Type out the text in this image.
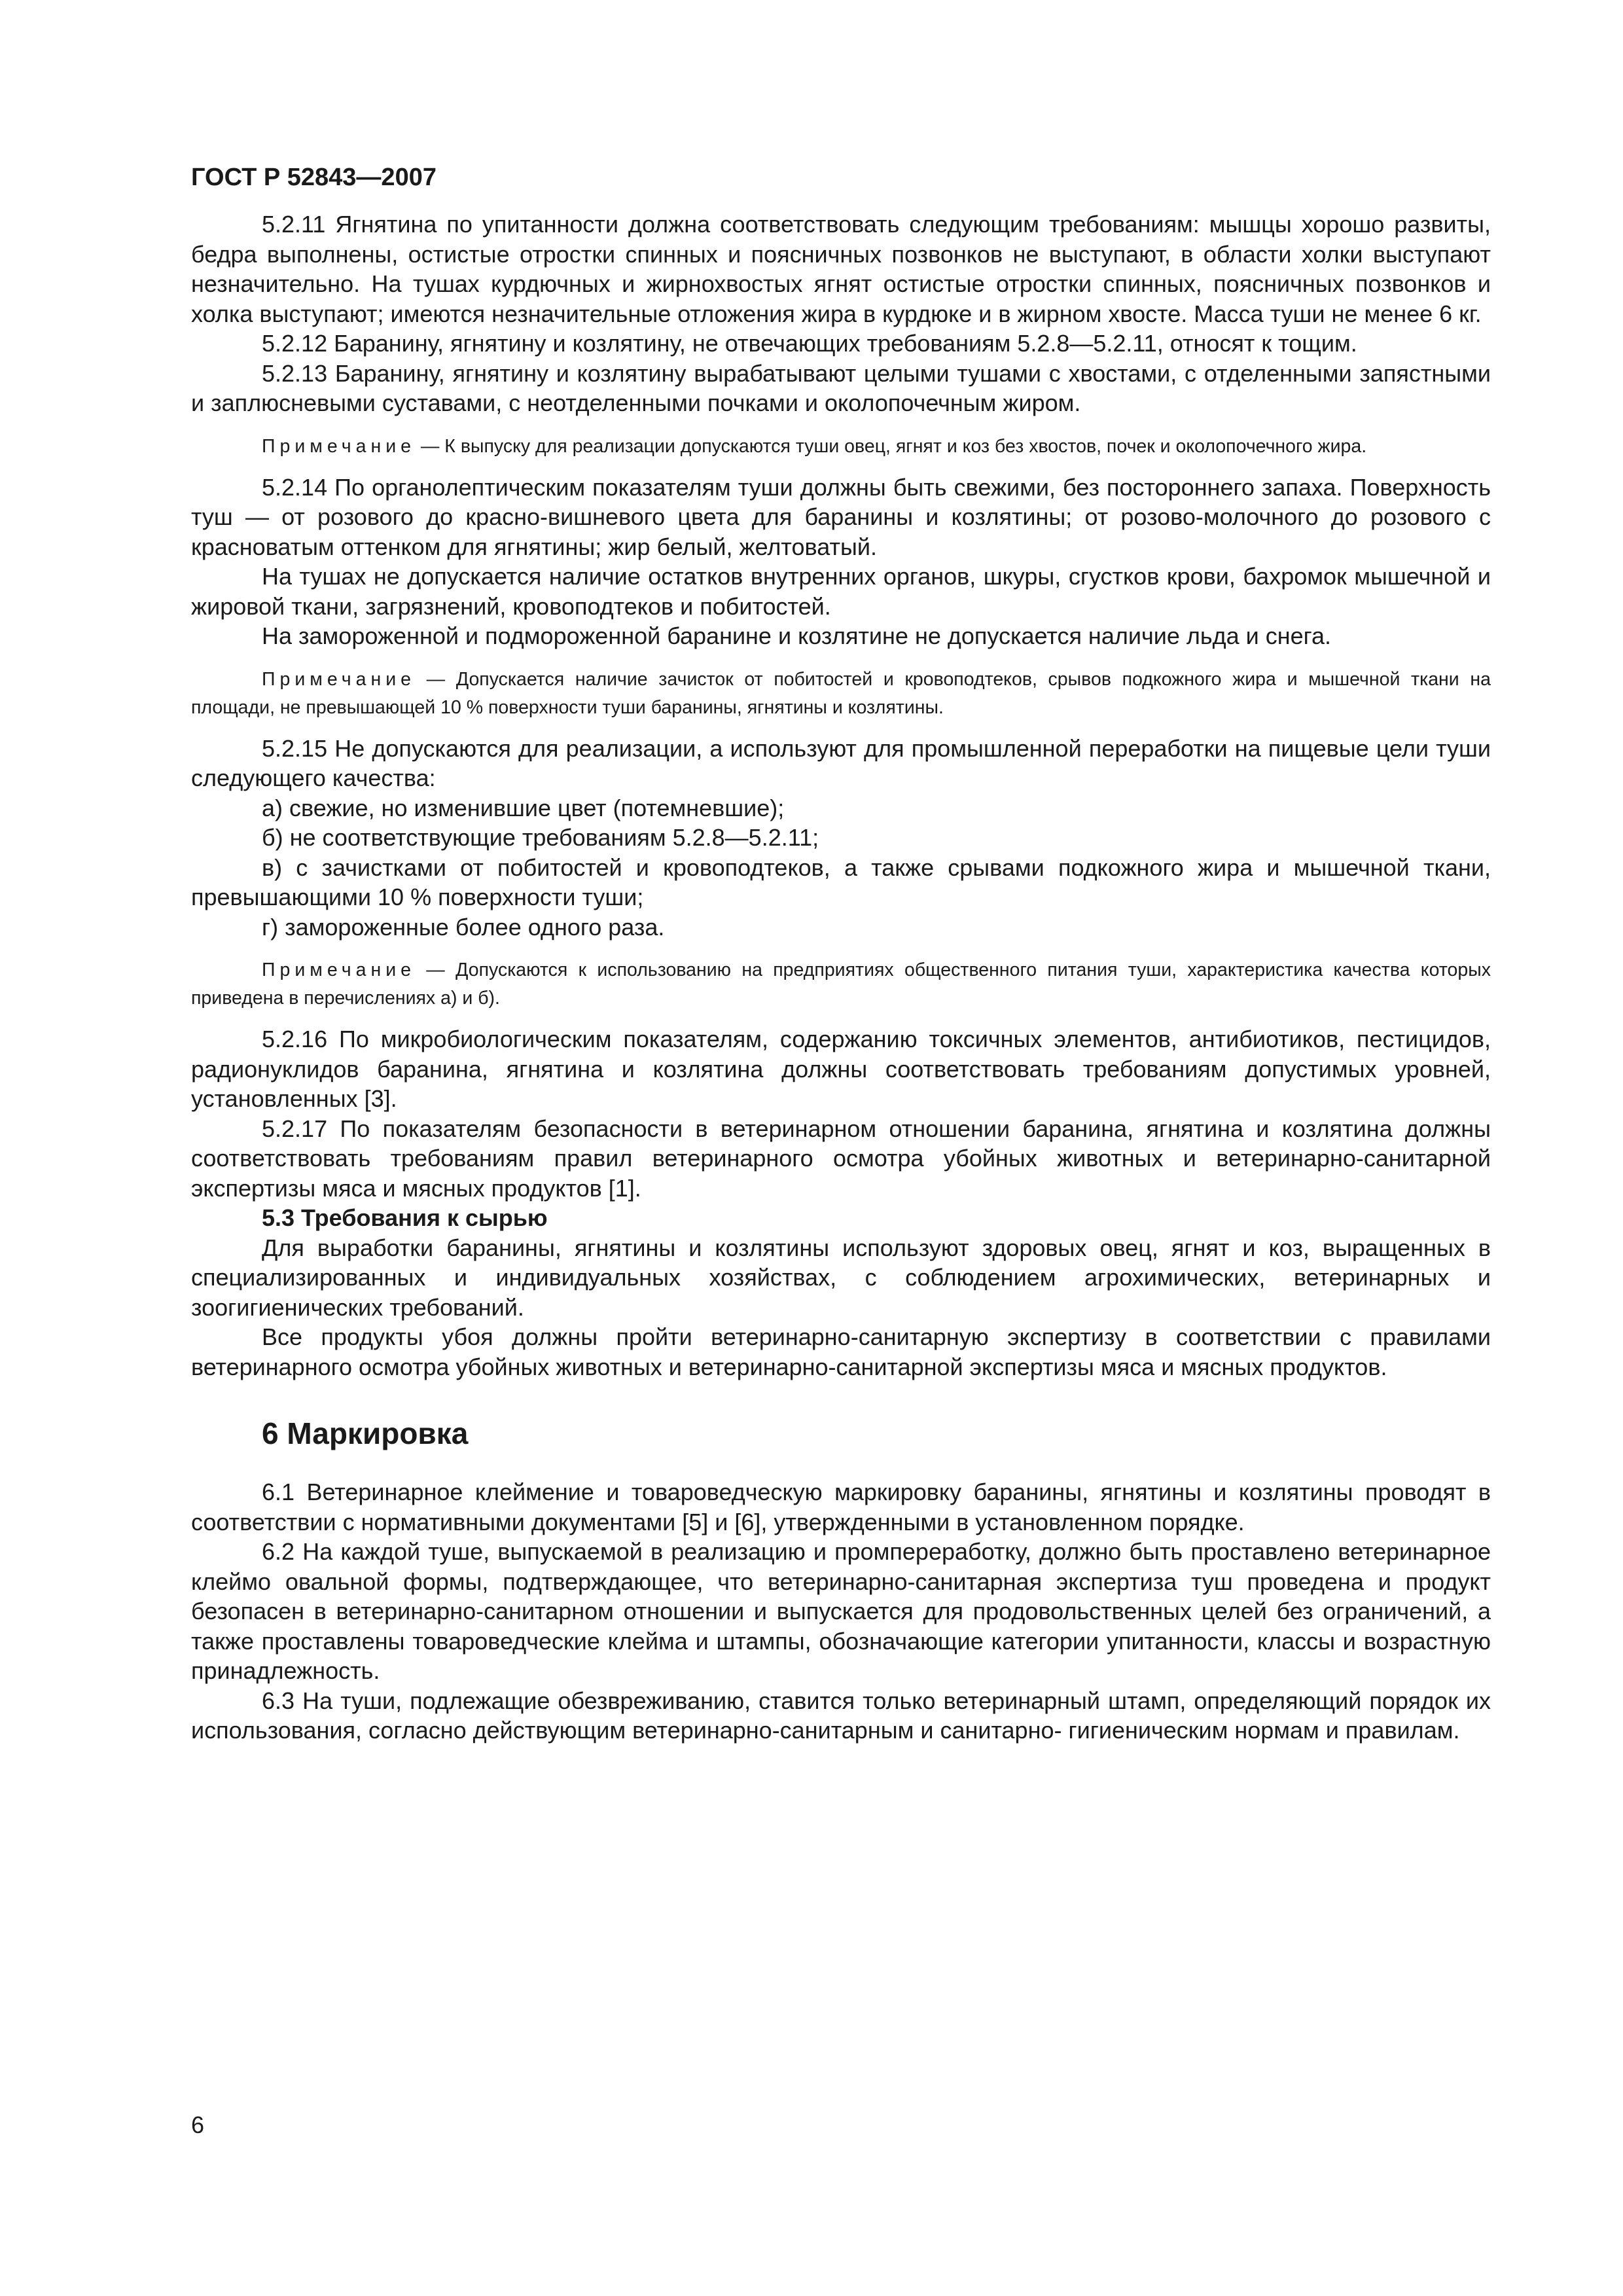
ГОСТ Р 52843—2007

5.2.11 Ягнятина по упитанности должна соответствовать следующим требованиям: мышцы хорошо развиты, бедра выполнены, остистые отростки спинных и поясничных позвонков не выступают, в области холки выступают незначительно. На тушах курдючных и жирнохвостых ягнят остистые отростки спинных, поясничных позвонков и холка выступают; имеются незначительные отложения жира в курдюке и в жирном хвосте. Масса туши не менее 6 кг.

5.2.12 Баранину, ягнятину и козлятину, не отвечающих требованиям 5.2.8—5.2.11, относят к тощим.

5.2.13 Баранину, ягнятину и козлятину вырабатывают целыми тушами с хвостами, с отделенными запястными и заплюсневыми суставами, с неотделенными почками и околопочечным жиром.

Примечание — К выпуску для реализации допускаются туши овец, ягнят и коз без хвостов, почек и околопочечного жира.

5.2.14 По органолептическим показателям туши должны быть свежими, без постороннего запаха. Поверхность туш — от розового до красно-вишневого цвета для баранины и козлятины; от розово-молочного до розового с красноватым оттенком для ягнятины; жир белый, желтоватый.

На тушах не допускается наличие остатков внутренних органов, шкуры, сгустков крови, бахромок мышечной и жировой ткани, загрязнений, кровоподтеков и побитостей.

На замороженной и подмороженной баранине и козлятине не допускается наличие льда и снега.

Примечание — Допускается наличие зачисток от побитостей и кровоподтеков, срывов подкожного жира и мышечной ткани на площади, не превышающей 10 % поверхности туши баранины, ягнятины и козлятины.

5.2.15 Не допускаются для реализации, а используют для промышленной переработки на пищевые цели туши следующего качества:

а) свежие, но изменившие цвет (потемневшие);

б) не соответствующие требованиям 5.2.8—5.2.11;

в) с зачистками от побитостей и кровоподтеков, а также срывами подкожного жира и мышечной ткани, превышающими 10 % поверхности туши;

г) замороженные более одного раза.

Примечание — Допускаются к использованию на предприятиях общественного питания туши, характеристика качества которых приведена в перечислениях а) и б).

5.2.16 По микробиологическим показателям, содержанию токсичных элементов, антибиотиков, пестицидов, радионуклидов баранина, ягнятина и козлятина должны соответствовать требованиям допустимых уровней, установленных [3].

5.2.17 По показателям безопасности в ветеринарном отношении баранина, ягнятина и козлятина должны соответствовать требованиям правил ветеринарного осмотра убойных животных и ветеринарно-санитарной экспертизы мяса и мясных продуктов [1].

5.3 Требования к сырью

Для выработки баранины, ягнятины и козлятины используют здоровых овец, ягнят и коз, выращенных в специализированных и индивидуальных хозяйствах, с соблюдением агрохимических, ветеринарных и зоогигиенических требований.

Все продукты убоя должны пройти ветеринарно-санитарную экспертизу в соответствии с правилами ветеринарного осмотра убойных животных и ветеринарно-санитарной экспертизы мяса и мясных продуктов.

6 Маркировка

6.1 Ветеринарное клеймение и товароведческую маркировку баранины, ягнятины и козлятины проводят в соответствии с нормативными документами [5] и [6], утвержденными в установленном порядке.

6.2 На каждой туше, выпускаемой в реализацию и промпереработку, должно быть проставлено ветеринарное клеймо овальной формы, подтверждающее, что ветеринарно-санитарная экспертиза туш проведена и продукт безопасен в ветеринарно-санитарном отношении и выпускается для продовольственных целей без ограничений, а также проставлены товароведческие клейма и штампы, обозначающие категории упитанности, классы и возрастную принадлежность.

6.3 На туши, подлежащие обезвреживанию, ставится только ветеринарный штамп, определяющий порядок их использования, согласно действующим ветеринарно-санитарным и санитарно- гигиеническим нормам и правилам.

6
